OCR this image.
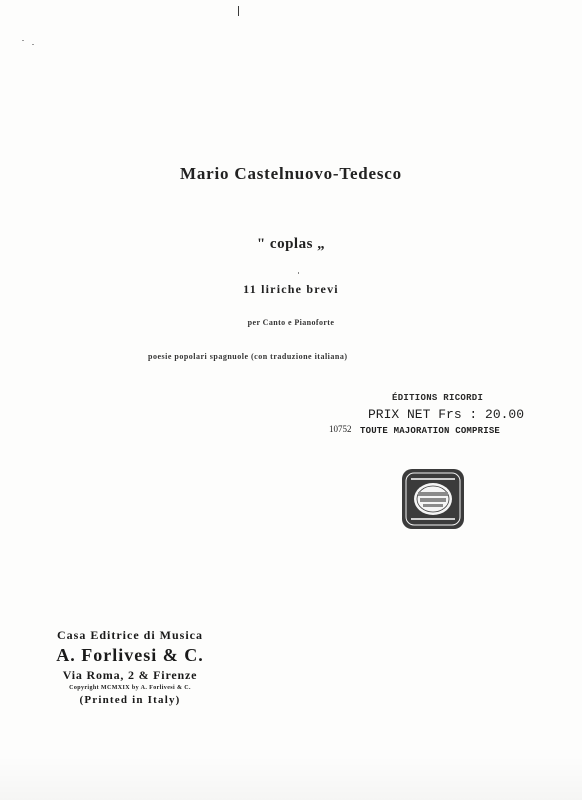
Mario Castelnuovo-Tedesco
" coplas „
11 liriche brevi
per Canto e Pianoforte
poesie popolari spagnuole (con traduzione italiana)
ÉDITIONS RICORDI
PRIX NET Frs : 20.00
10752 TOUTE MAJORATION COMPRISE
Casa Editrice di Musica
A. Forlivesi & C.
Via Roma, 2 & Firenze
Copyright MCMXIX by A. Forlivesi & C.
(Printed in Italy)
